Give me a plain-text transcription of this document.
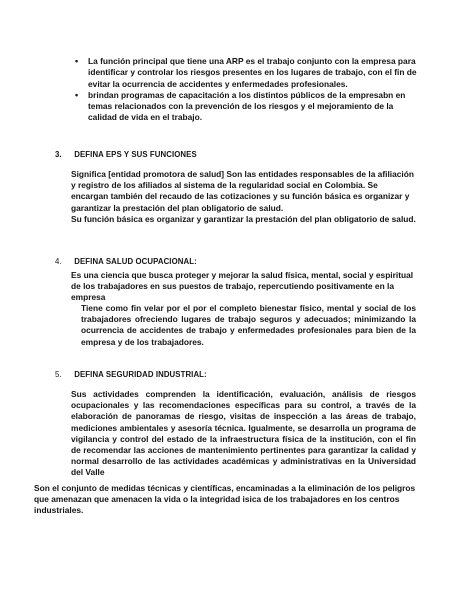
• La función principal que tiene una ARP es el trabajo conjunto con la empresa para identificar y controlar los riesgos presentes en los lugares de trabajo, con el fin de evitar la ocurrencia de accidentes y enfermedades profesionales.
• brindan programas de capacitación a los distintos públicos de la empresabn en temas relacionados con la prevención de los riesgos y el mejoramiento de la calidad de vida en el trabajo.
3. DEFINA EPS Y SUS FUNCIONES
Significa [entidad promotora de salud] Son las entidades responsables de la afiliación y registro de los afiliados al sistema de la regularidad social en Colombia. Se encargan también del recaudo de las cotizaciones y su función básica es organizar y garantizar la prestación del plan obligatorio de salud.
Su función básica es organizar y garantizar la prestación del plan obligatorio de salud.
4. DEFINA SALUD OCUPACIONAL:
Es una ciencia que busca proteger y mejorar la salud física, mental, social y espiritual de los trabajadores en sus puestos de trabajo, repercutiendo positivamente en la empresa
Tiene como fin velar por el por el completo bienestar físico, mental y social de los trabajadores ofreciendo lugares de trabajo seguros y adecuados; minimizando la ocurrencia de accidentes de trabajo y enfermedades profesionales para bien de la empresa y de los trabajadores.
5. DEFINA SEGURIDAD INDUSTRIAL:
Sus actividades comprenden la identificación, evaluación, análisis de riesgos ocupacionales y las recomendaciones específicas para su control, a través de la elaboración de panoramas de riesgo, visitas de inspección a las áreas de trabajo, mediciones ambientales y asesoría técnica. Igualmente, se desarrolla un programa de vigilancia y control del estado de la infraestructura física de la institución, con el fin de recomendar las acciones de mantenimiento pertinentes para garantizar la calidad y normal desarrollo de las actividades académicas y administrativas en la Universidad del Valle
Son el conjunto de medidas técnicas y científicas, encaminadas a la eliminación de los peligros que amenazan que amenacen la vida o la integridad isica de los trabajadores en los centros industriales.
